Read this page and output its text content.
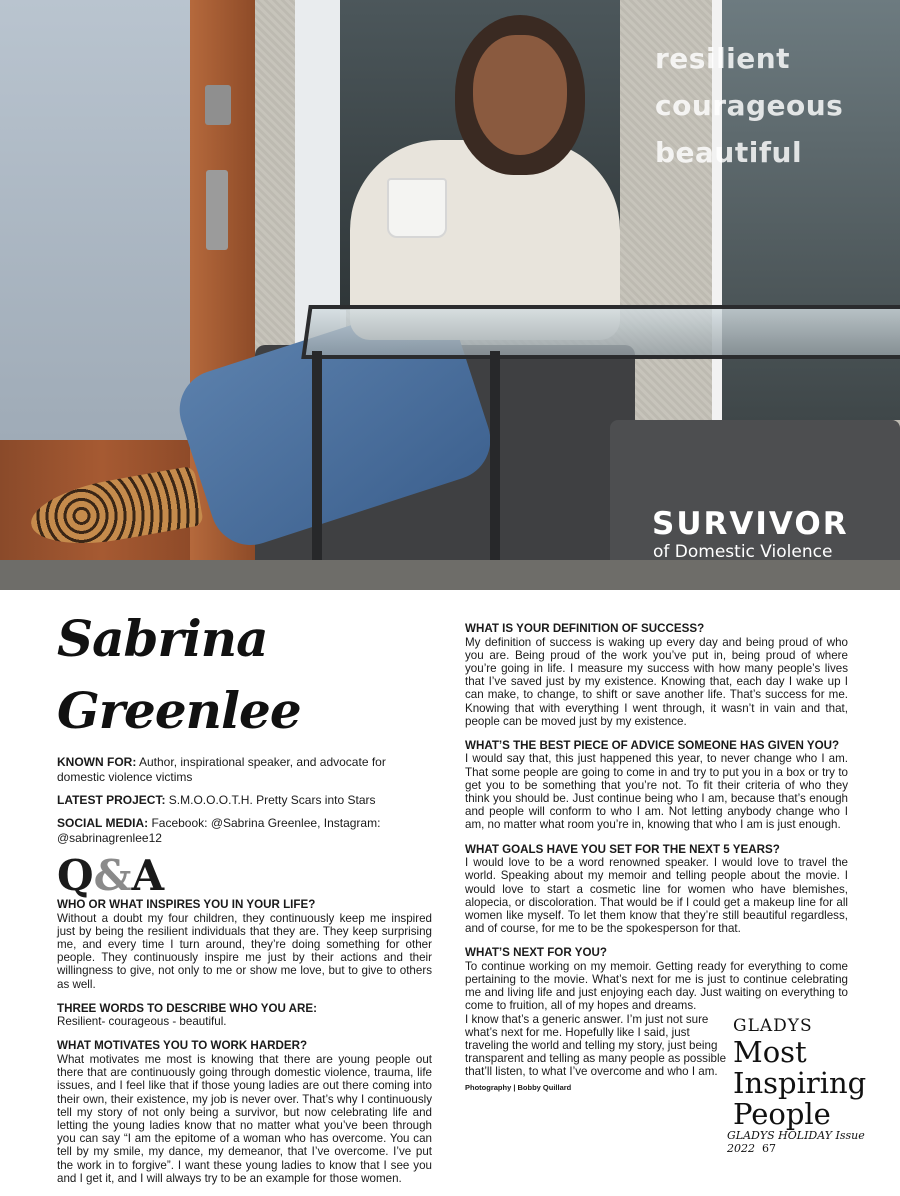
resilient
courageous
beautiful
SURVIVOR
of Domestic Violence
Sabrina Greenlee

KNOWN FOR: Author, inspirational speaker, and advocate for domestic violence victims

LATEST PROJECT: S.M.O.O.O.T.H. Pretty Scars into Stars

SOCIAL MEDIA: Facebook: @Sabrina Greenlee, Instagram: @sabrinagrenlee12

Q&A

WHO OR WHAT INSPIRES YOU IN YOUR LIFE?

Without a doubt my four children, they continuously keep me inspired just by being the resilient individuals that they are. They keep surprising me, and every time I turn around, they’re doing something for other people. They continuously inspire me just by their actions and their willingness to give, not only to me or show me love, but to give to others as well.

THREE WORDS TO DESCRIBE WHO YOU ARE:

Resilient- courageous - beautiful.

WHAT MOTIVATES YOU TO WORK HARDER?

What motivates me most is knowing that there are young people out there that are continuously going through domestic violence, trauma, life issues, and I feel like that if those young ladies are out there coming into their own, their existence, my job is never over. That’s why I continuously tell my story of not only being a survivor, but now celebrating life and letting the young ladies know that no matter what you’ve been through you can say “I am the epitome of a woman who has overcome. You can tell by my smile, my dance, my demeanor, that I’ve overcome. I’ve put the work in to forgive”. I want these young ladies to know that I see you and I get it, and I will always try to be an example for those women.

WHAT IS YOUR DEFINITION OF SUCCESS?

My definition of success is waking up every day and being proud of who you are. Being proud of the work you’ve put in, being proud of where you’re going in life. I measure my success with how many people’s lives that I’ve saved just by my existence. Knowing that, each day I wake up I can make, to change, to shift or save another life. That’s success for me. Knowing that with everything I went through, it wasn’t in vain and that, people can be moved just by my existence.

WHAT’S THE BEST PIECE OF ADVICE SOMEONE HAS GIVEN YOU?

I would say that, this just happened this year, to never change who I am. That some people are going to come in and try to put you in a box or try to get you to be something that you’re not. To fit their criteria of who they think you should be. Just continue being who I am, because that’s enough and people will conform to who I am. Not letting anybody change who I am, no matter what room you’re in, knowing that who I am is just enough.

WHAT GOALS HAVE YOU SET FOR THE NEXT 5 YEARS?

I would love to be a word renowned speaker. I would love to travel the world. Speaking about my memoir and telling people about the movie. I would love to start a cosmetic line for women who have blemishes, alopecia, or discoloration. That would be if I could get a makeup line for all women like myself. To let them know that they’re still beautiful regardless, and of course, for me to be the spokesperson for that.

WHAT’S NEXT FOR YOU?

To continue working on my memoir. Getting ready for everything to come pertaining to the movie. What’s next for me is just to continue celebrating me and living life and just enjoying each day. Just waiting on everything to come to fruition, all of my hopes and dreams.

I know that’s a generic answer. I’m just not sure what’s next for me. Hopefully like I said, just traveling the world and telling my story, just being transparent and telling as many people as possible that’ll listen, to what I’ve overcome and who I am.

Photography | Bobby Quillard

GLADYS
Most
Inspiring
People
GLADYS HOLIDAY Issue 2022 67
